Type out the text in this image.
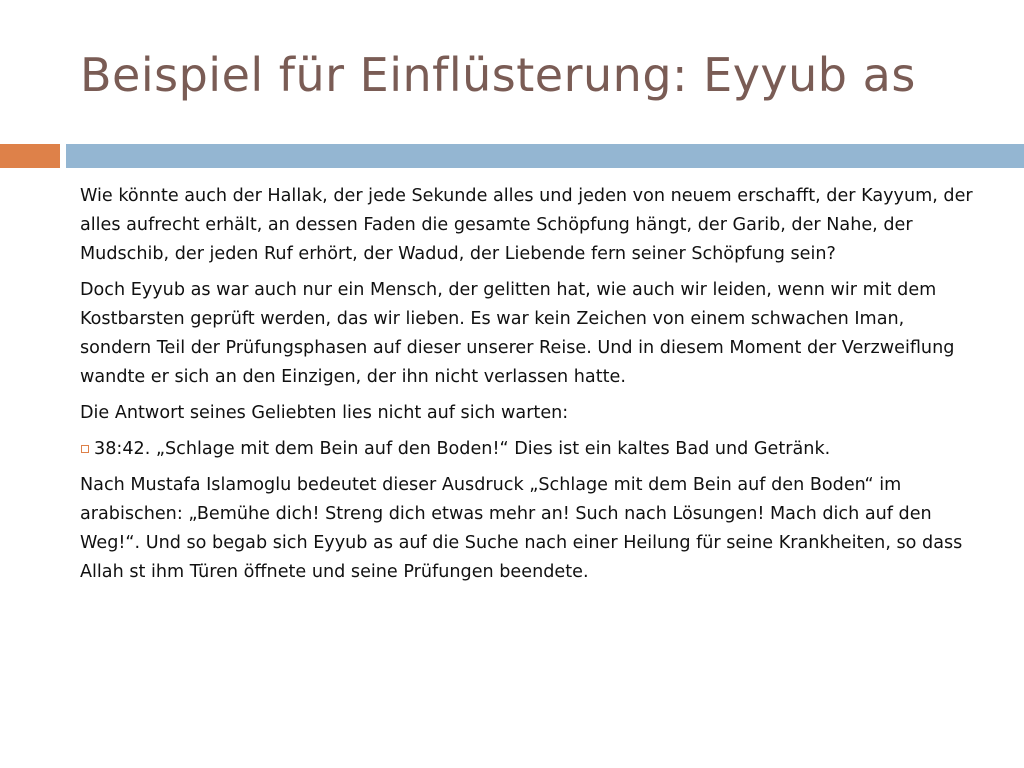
Beispiel für Einflüsterung: Eyyub as

Wie könnte auch der Hallak, der jede Sekunde alles und jeden von neuem erschafft, der Kayyum, der alles aufrecht erhält, an dessen Faden die gesamte Schöpfung hängt, der Garib, der Nahe, der Mudschib, der jeden Ruf erhört, der Wadud, der Liebende fern seiner Schöpfung sein?

Doch Eyyub as war auch nur ein Mensch, der gelitten hat, wie auch wir leiden, wenn wir mit dem Kostbarsten geprüft werden, das wir lieben. Es war kein Zeichen von einem schwachen Iman, sondern Teil der Prüfungsphasen auf dieser unserer Reise. Und in diesem Moment der Verzweiflung wandte er sich an den Einzigen, der ihn nicht verlassen hatte.

Die Antwort seines Geliebten lies nicht auf sich warten:

38:42. „Schlage mit dem Bein auf den Boden!“ Dies ist ein kaltes Bad und Getränk.

Nach Mustafa Islamoglu bedeutet dieser Ausdruck „Schlage mit dem Bein auf den Boden“ im arabischen: „Bemühe dich! Streng dich etwas mehr an! Such nach Lösungen! Mach dich auf den Weg!“. Und so begab sich Eyyub as auf die Suche nach einer Heilung für seine Krankheiten, so dass Allah st ihm Türen öffnete und seine Prüfungen beendete.
